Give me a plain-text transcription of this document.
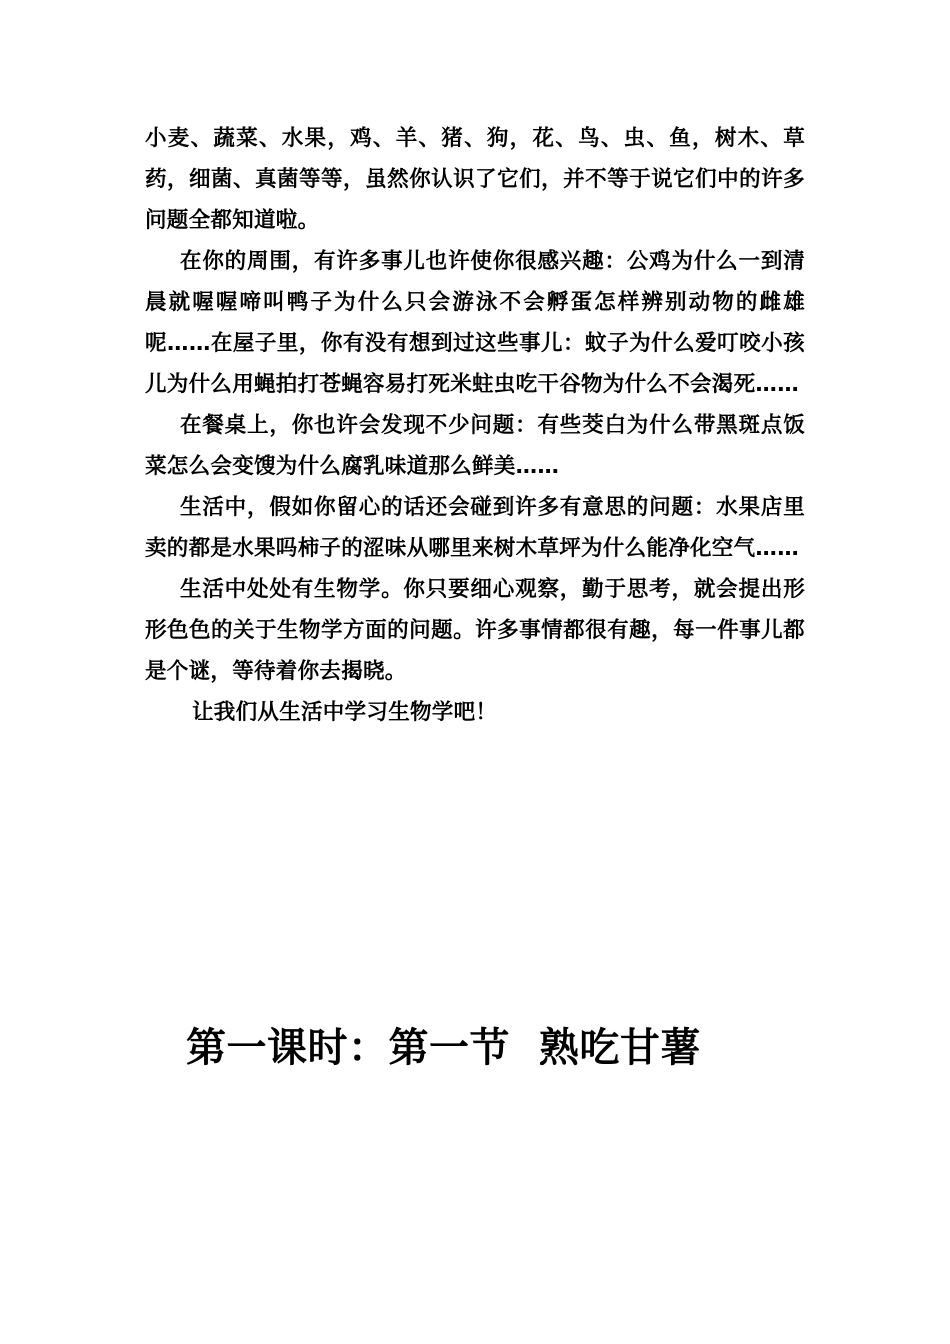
小麦、蔬菜、水果，鸡、羊、猪、狗，花、鸟、虫、鱼，树木、草药，细菌、真菌等等，虽然你认识了它们，并不等于说它们中的许多问题全都知道啦。

在你的周围，有许多事儿也许使你很感兴趣：公鸡为什么一到清晨就喔喔啼叫鸭子为什么只会游泳不会孵蛋怎样辨别动物的雌雄呢……在屋子里，你有没有想到过这些事儿：蚊子为什么爱叮咬小孩儿为什么用蝇拍打苍蝇容易打死米蛀虫吃干谷物为什么不会渴死……

在餐桌上，你也许会发现不少问题：有些茭白为什么带黑斑点饭菜怎么会变馊为什么腐乳味道那么鲜美……

生活中，假如你留心的话还会碰到许多有意思的问题：水果店里卖的都是水果吗柿子的涩味从哪里来树木草坪为什么能净化空气……

生活中处处有生物学。你只要细心观察，勤于思考，就会提出形形色色的关于生物学方面的问题。许多事情都很有趣，每一件事儿都是个谜，等待着你去揭晓。

让我们从生活中学习生物学吧！

第一课时：第一节  熟吃甘薯
